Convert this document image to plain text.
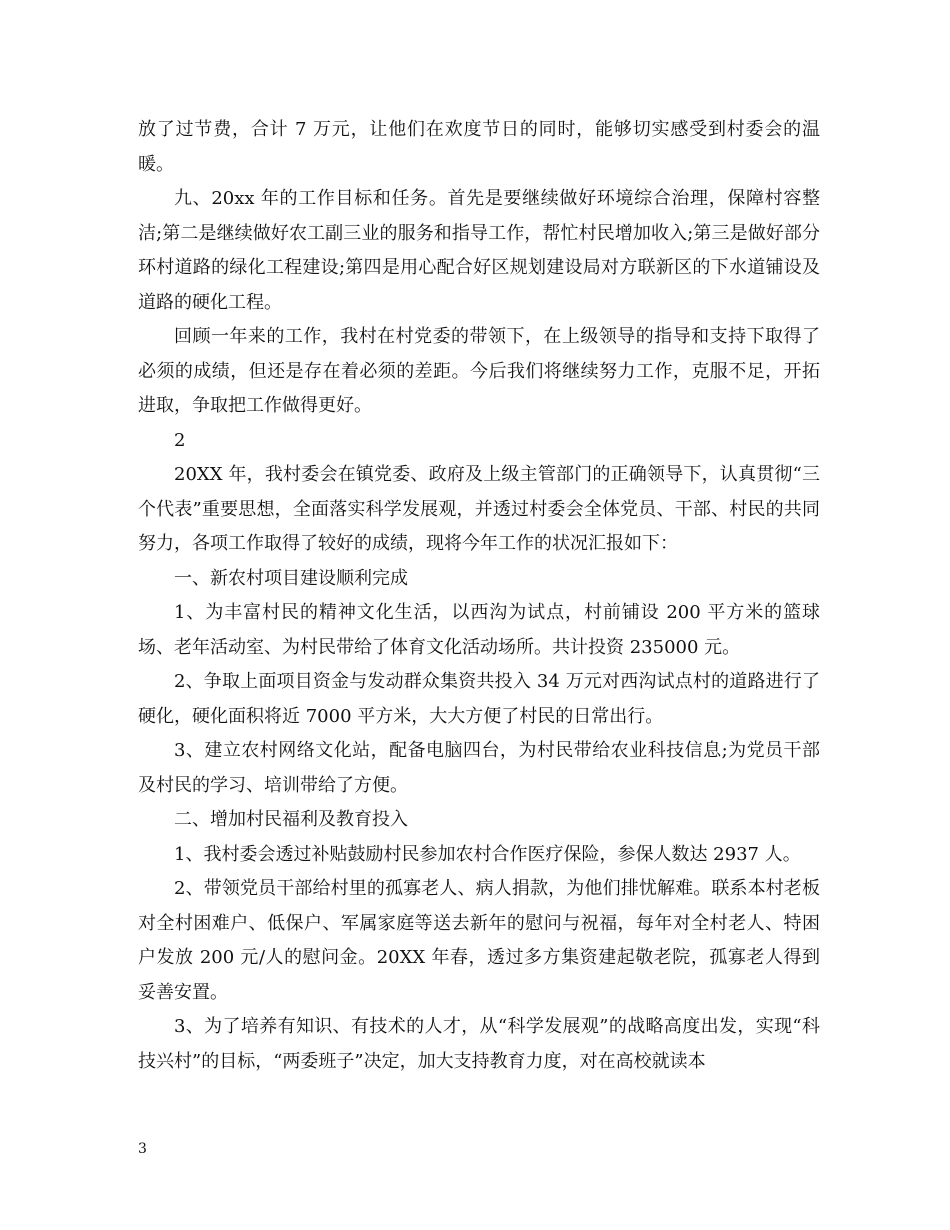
放了过节费，合计 7 万元，让他们在欢度节日的同时，能够切实感受到村委会的温暖。

九、20xx 年的工作目标和任务。首先是要继续做好环境综合治理，保障村容整洁;第二是继续做好农工副三业的服务和指导工作，帮忙村民增加收入;第三是做好部分环村道路的绿化工程建设;第四是用心配合好区规划建设局对方联新区的下水道铺设及道路的硬化工程。

回顾一年来的工作，我村在村党委的带领下，在上级领导的指导和支持下取得了必须的成绩，但还是存在着必须的差距。今后我们将继续努力工作，克服不足，开拓进取，争取把工作做得更好。

2

20XX 年，我村委会在镇党委、政府及上级主管部门的正确领导下，认真贯彻“三个代表”重要思想，全面落实科学发展观，并透过村委会全体党员、干部、村民的共同努力，各项工作取得了较好的成绩，现将今年工作的状况汇报如下：

一、新农村项目建设顺利完成

1、为丰富村民的精神文化生活，以西沟为试点，村前铺设 200 平方米的篮球场、老年活动室、为村民带给了体育文化活动场所。共计投资 235000 元。

2、争取上面项目资金与发动群众集资共投入 34 万元对西沟试点村的道路进行了硬化，硬化面积将近 7000 平方米，大大方便了村民的日常出行。

3、建立农村网络文化站，配备电脑四台，为村民带给农业科技信息;为党员干部及村民的学习、培训带给了方便。

二、增加村民福利及教育投入

1、我村委会透过补贴鼓励村民参加农村合作医疗保险，参保人数达 2937 人。

2、带领党员干部给村里的孤寡老人、病人捐款，为他们排忧解难。联系本村老板对全村困难户、低保户、军属家庭等送去新年的慰问与祝福，每年对全村老人、特困户发放 200 元/人的慰问金。20XX 年春，透过多方集资建起敬老院，孤寡老人得到妥善安置。

3、为了培养有知识、有技术的人才，从“科学发展观”的战略高度出发，实现“科技兴村”的目标，“两委班子”决定，加大支持教育力度，对在高校就读本

3
